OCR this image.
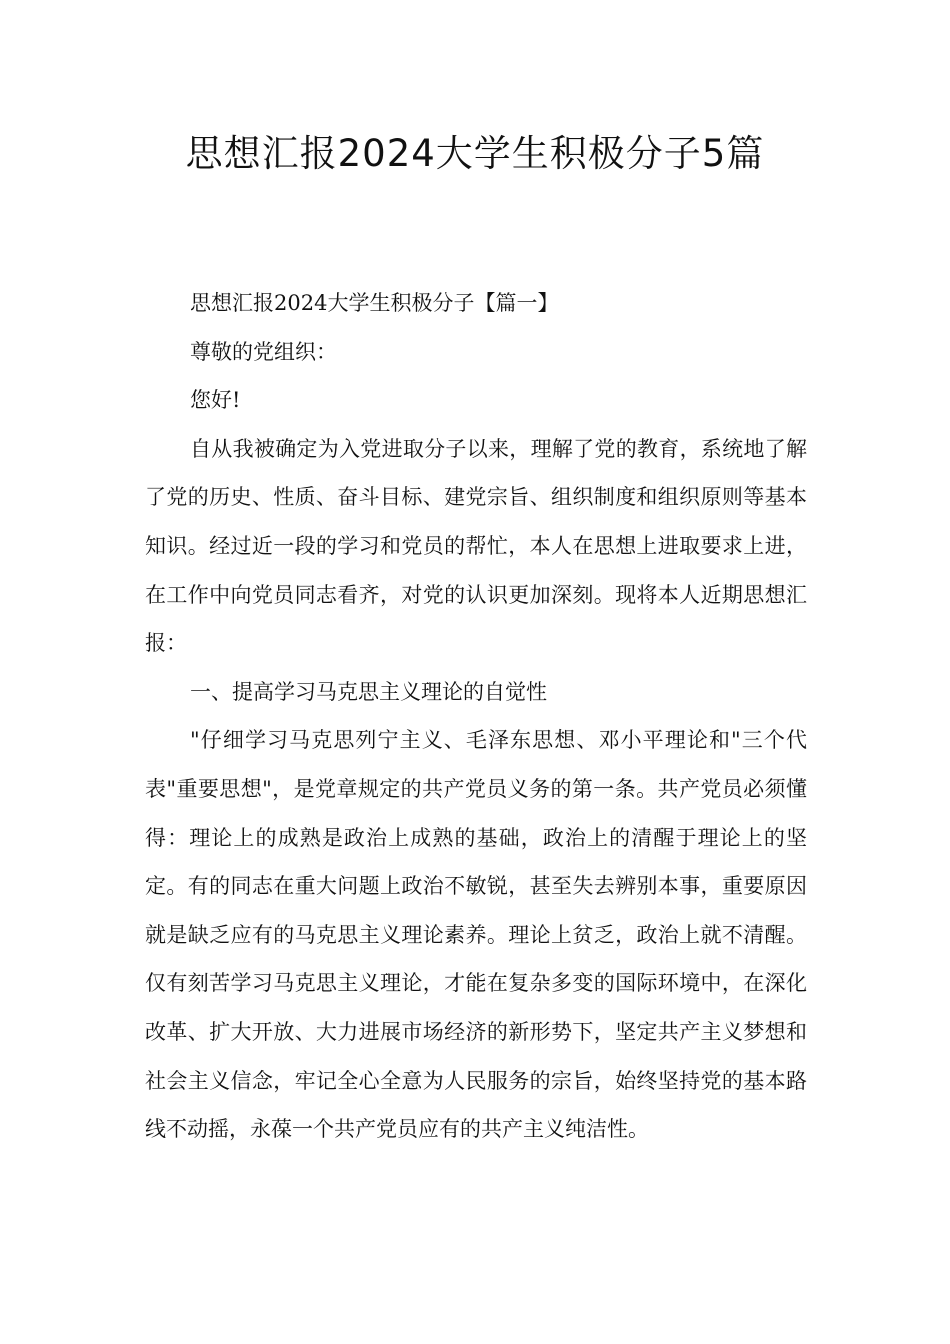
思想汇报2024大学生积极分子5篇

思想汇报2024大学生积极分子【篇一】

尊敬的党组织：

您好!

自从我被确定为入党进取分子以来，理解了党的教育，系统地了解了党的历史、性质、奋斗目标、建党宗旨、组织制度和组织原则等基本知识。经过近一段的学习和党员的帮忙，本人在思想上进取要求上进，在工作中向党员同志看齐，对党的认识更加深刻。现将本人近期思想汇报：

一、提高学习马克思主义理论的自觉性

"仔细学习马克思列宁主义、毛泽东思想、邓小平理论和"三个代表"重要思想"，是党章规定的共产党员义务的第一条。共产党员必须懂得：理论上的成熟是政治上成熟的基础，政治上的清醒于理论上的坚定。有的同志在重大问题上政治不敏锐，甚至失去辨别本事，重要原因就是缺乏应有的马克思主义理论素养。理论上贫乏，政治上就不清醒。仅有刻苦学习马克思主义理论，才能在复杂多变的国际环境中，在深化改革、扩大开放、大力进展市场经济的新形势下，坚定共产主义梦想和社会主义信念，牢记全心全意为人民服务的宗旨，始终坚持党的基本路线不动摇，永葆一个共产党员应有的共产主义纯洁性。
